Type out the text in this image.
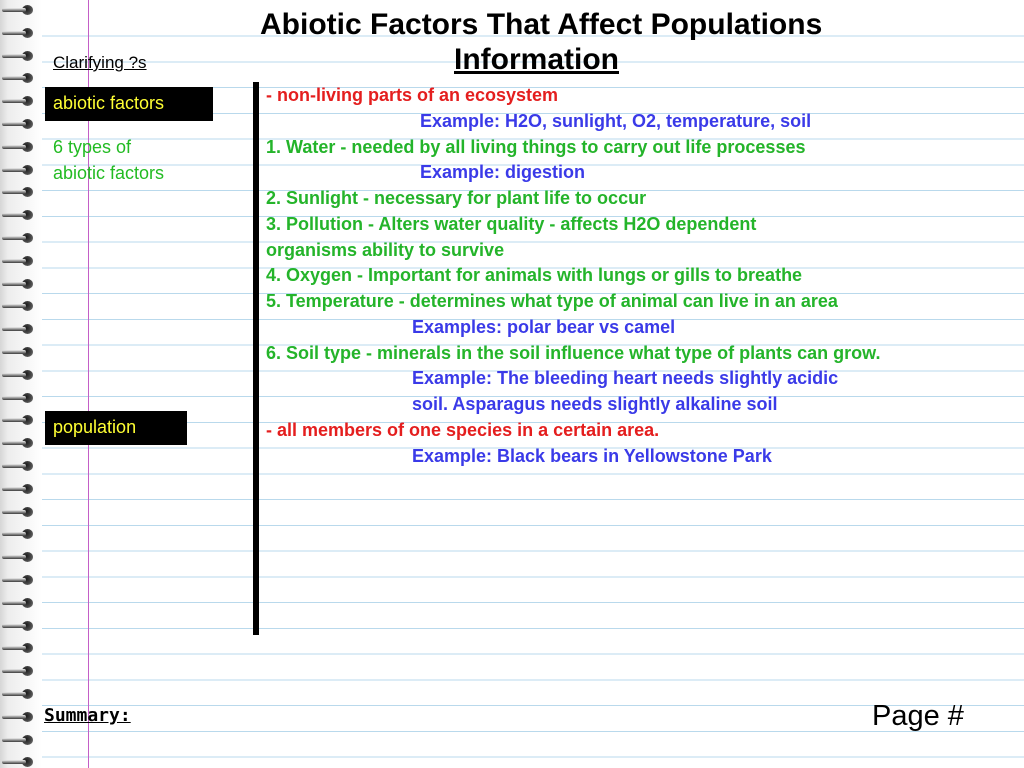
Abiotic Factors That Affect Populations
Information
Clarifying ?s
abiotic factors
6 types of
abiotic factors
population
- non-living parts of an ecosystem
Example: H2O, sunlight, O2, temperature, soil
1. Water - needed by all living things to carry out life processes
Example: digestion
2. Sunlight - necessary for plant life to occur
3. Pollution - Alters water quality - affects H2O dependent
organisms ability to survive
4. Oxygen - Important for animals with lungs or gills to breathe
5. Temperature - determines what type of animal can live in an area
Examples: polar bear vs camel
6. Soil type - minerals in the soil influence what type of plants can grow.
Example: The bleeding heart needs slightly acidic
soil. Asparagus needs slightly alkaline soil
- all members of one species in a certain area.
Example: Black bears in Yellowstone Park
Summary:	Page #
